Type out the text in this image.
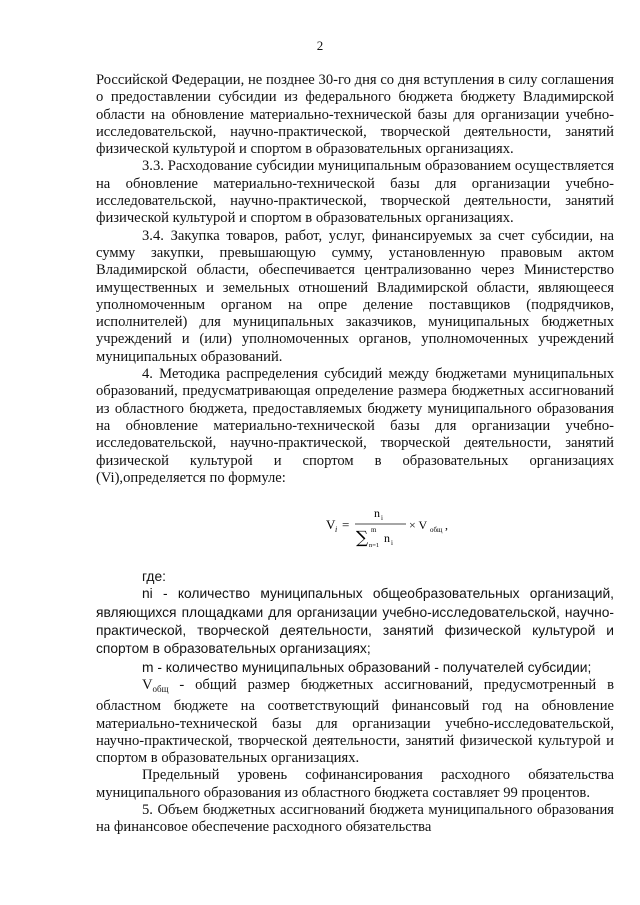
2

Российской Федерации, не позднее 30-го дня со дня вступления в силу соглашения о предоставлении субсидии из федерального бюджета бюджету Владимирской области на обновление материально-технической базы для организации учебно-исследовательской, научно-практической, творческой деятельности, занятий физической культурой и спортом в образовательных организациях.

3.3. Расходование субсидии муниципальным образованием осуществляется на обновление материально-технической базы для организации учебно-исследовательской, научно-практической, творческой деятельности, занятий физической культурой и спортом в образовательных организациях.

3.4. Закупка товаров, работ, услуг, финансируемых за счет субсидии, на сумму закупки, превышающую сумму, установленную правовым актом Владимирской области, обеспечивается централизованно через Министерство имущественных и земельных отношений Владимирской области, являющееся уполномоченным органом на опре деление поставщиков (подрядчиков, исполнителей) для муниципальных заказчиков, муниципальных бюджетных учреждений и (или) уполномоченных органов, уполномоченных учреждений муниципальных образований.

4. Методика распределения субсидий между бюджетами муниципальных образований, предусматривающая определение размера бюджетных ассигнований из областного бюджета, предоставляемых бюджету муниципального образования на обновление материально-технической базы для организации учебно-исследовательской, научно-практической, творческой деятельности, занятий физической культурой и спортом в образовательных организациях (Vi),определяется по формуле:

V i =
n i
∑ m
n=1
n i
× V общ ,

где:

ni - количество муниципальных общеобразовательных организаций, являющихся площадками для организации учебно-исследовательской, научно-практической, творческой деятельности, занятий физической культурой и спортом в образовательных организациях;

m - количество муниципальных образований - получателей субсидии;

$V_{общ}$ - общий размер бюджетных ассигнований, предусмотренный в областном бюджете на соответствующий финансовый год на обновление материально-технической базы для организации учебно-исследовательской, научно-практической, творческой деятельности, занятий физической культурой и спортом в образовательных организациях.

Предельный уровень софинансирования расходного обязательства муниципального образования из областного бюджета составляет 99 процентов.

5. Объем бюджетных ассигнований бюджета муниципального образования на финансовое обеспечение расходного обязательства
